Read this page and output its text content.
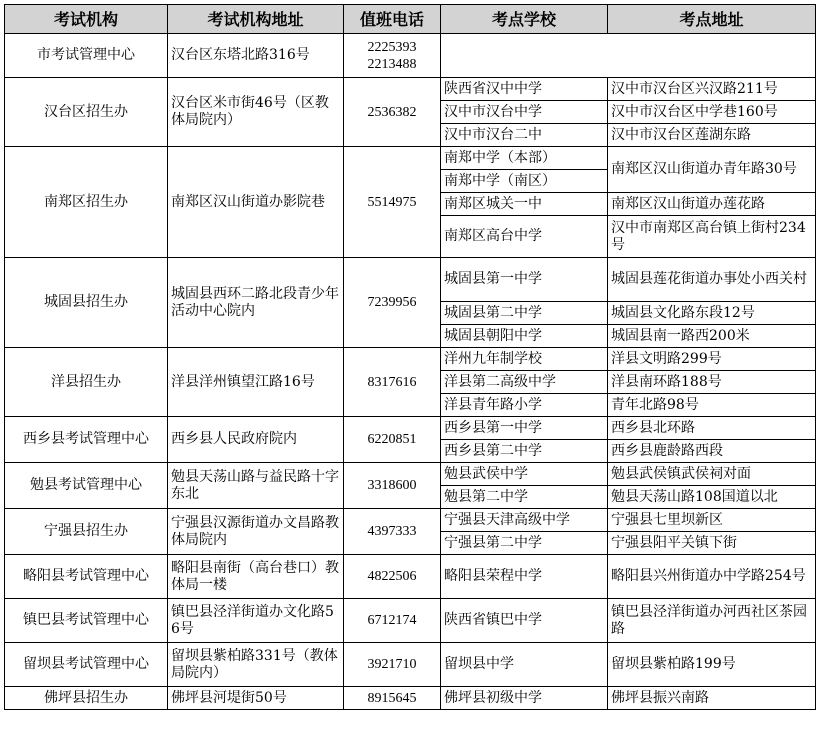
考试机构	考试机构地址	值班电话	考点学校	考点地址
市考试管理中心	汉台区东塔北路316号	2225393
2213488		

汉台区招生办	汉台区米市街46号（区教体局院内）	2536382	陕西省汉中中学	汉中市汉台区兴汉路211号
			汉中市汉台中学	汉中市汉台区中学巷160号
			汉中市汉台二中	汉中市汉台区莲湖东路
南郑区招生办	南郑区汉山街道办影院巷	5514975	南郑中学（本部）	南郑区汉山街道办青年路30号
			南郑中学（南区）	
			南郑区城关一中	南郑区汉山街道办莲花路
			南郑区高台中学	汉中市南郑区高台镇上街村234号
城固县招生办	城固县西环二路北段青少年活动中心院内	7239956	城固县第一中学	城固县莲花街道办事处小西关村
			城固县第二中学	城固县文化路东段12号
			城固县朝阳中学	城固县南一路西200米
洋县招生办	洋县洋州镇望江路16号	8317616	洋州九年制学校	洋县文明路299号
			洋县第二高级中学	洋县南环路188号
			洋县青年路小学	青年北路98号
西乡县考试管理中心	西乡县人民政府院内	6220851	西乡县第一中学	西乡县北环路
			西乡县第二中学	西乡县鹿龄路西段
勉县考试管理中心	勉县天荡山路与益民路十字东北	3318600	勉县武侯中学	勉县武侯镇武侯祠对面
			勉县第二中学	勉县天荡山路108国道以北
宁强县招生办	宁强县汉源街道办文昌路教体局院内	4397333	宁强县天津高级中学	宁强县七里坝新区
			宁强县第二中学	宁强县阳平关镇下街
略阳县考试管理中心	略阳县南街（高台巷口）教体局一楼	4822506	略阳县荣程中学	略阳县兴州街道办中学路254号
镇巴县考试管理中心	镇巴县泾洋街道办文化路56号	6712174	陕西省镇巴中学	镇巴县泾洋街道办河西社区茶园路
留坝县考试管理中心	留坝县紫柏路331号（教体局院内）	3921710	留坝县中学	留坝县紫柏路199号
佛坪县招生办	佛坪县河堤街50号	8915645	佛坪县初级中学	佛坪县振兴南路
